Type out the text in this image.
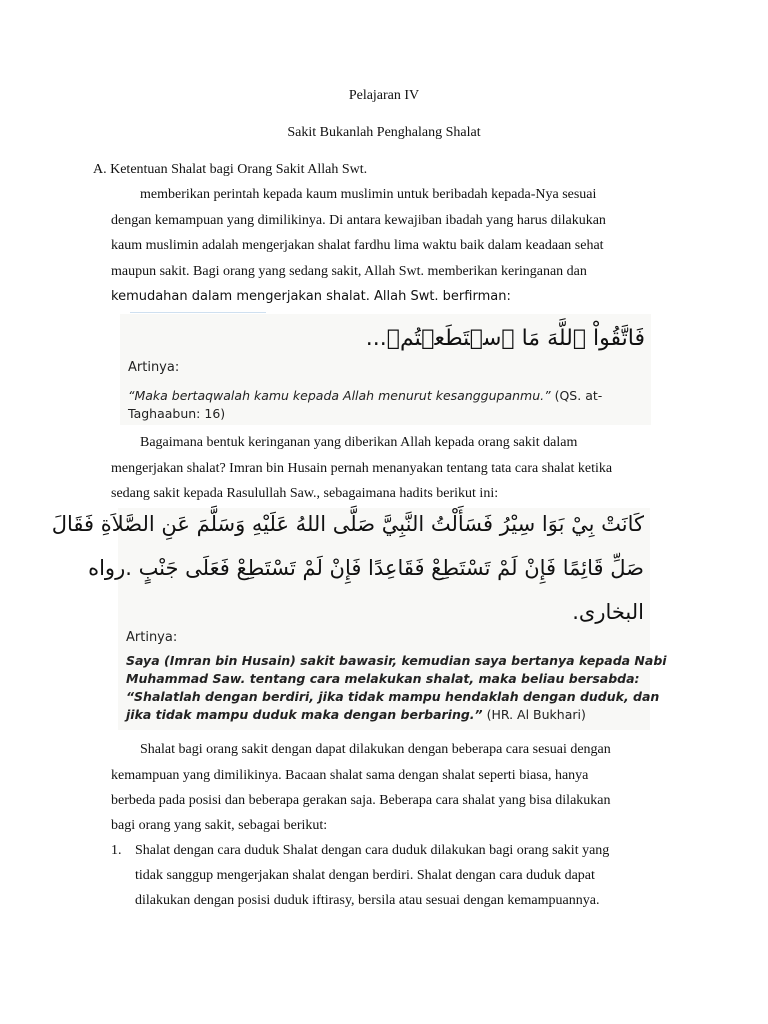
Pelajaran IV
Sakit Bukanlah Penghalang Shalat
A. Ketentuan Shalat bagi Orang Sakit Allah Swt.
memberikan perintah kepada kaum muslimin untuk beribadah kepada-Nya sesuai
dengan kemampuan yang dimilikinya. Di antara kewajiban ibadah yang harus dilakukan
kaum muslimin adalah mengerjakan shalat fardhu lima waktu baik dalam keadaan sehat
maupun sakit. Bagi orang yang sedang sakit, Allah Swt. memberikan keringanan dan
kemudahan dalam mengerjakan shalat. Allah Swt. berfirman:
فَاتَّقُواْ ٱللَّهَ مَا ٱسۡتَطَعۡتُمۡ...
Artinya:
“Maka bertaqwalah kamu kepada Allah menurut kesanggupanmu.” (QS. at-
Taghaabun: 16)
Bagaimana bentuk keringanan yang diberikan Allah kepada orang sakit dalam
mengerjakan shalat? Imran bin Husain pernah menanyakan tentang tata cara shalat ketika
sedang sakit kepada Rasulullah Saw., sebagaimana hadits berikut ini:
كَانَتْ بِيْ بَوَا سِيْرُ فَسَأَلْتُ النَّبِيَّ صَلَّى اللهُ عَلَيْهِ وَسَلَّمَ عَنِ الصَّلاَةِ فَقَالَ
صَلِّ قَائِمًا فَإِنْ لَمْ تَسْتَطِعْ فَقَاعِدًا فَإِنْ لَمْ تَسْتَطِعْ فَعَلَى جَنْبٍ .رواه
البخارى.
Artinya:
Saya (Imran bin Husain) sakit bawasir, kemudian saya bertanya kepada Nabi
Muhammad Saw. tentang cara melakukan shalat, maka beliau bersabda:
“Shalatlah dengan berdiri, jika tidak mampu hendaklah dengan duduk, dan
jika tidak mampu duduk maka dengan berbaring.” (HR. Al Bukhari)
Shalat bagi orang sakit dengan dapat dilakukan dengan beberapa cara sesuai dengan
kemampuan yang dimilikinya. Bacaan shalat sama dengan shalat seperti biasa, hanya
berbeda pada posisi dan beberapa gerakan saja. Beberapa cara shalat yang bisa dilakukan
bagi orang yang sakit, sebagai berikut:
1. Shalat dengan cara duduk Shalat dengan cara duduk dilakukan bagi orang sakit yang
tidak sanggup mengerjakan shalat dengan berdiri. Shalat dengan cara duduk dapat
dilakukan dengan posisi duduk iftirasy, bersila atau sesuai dengan kemampuannya.
